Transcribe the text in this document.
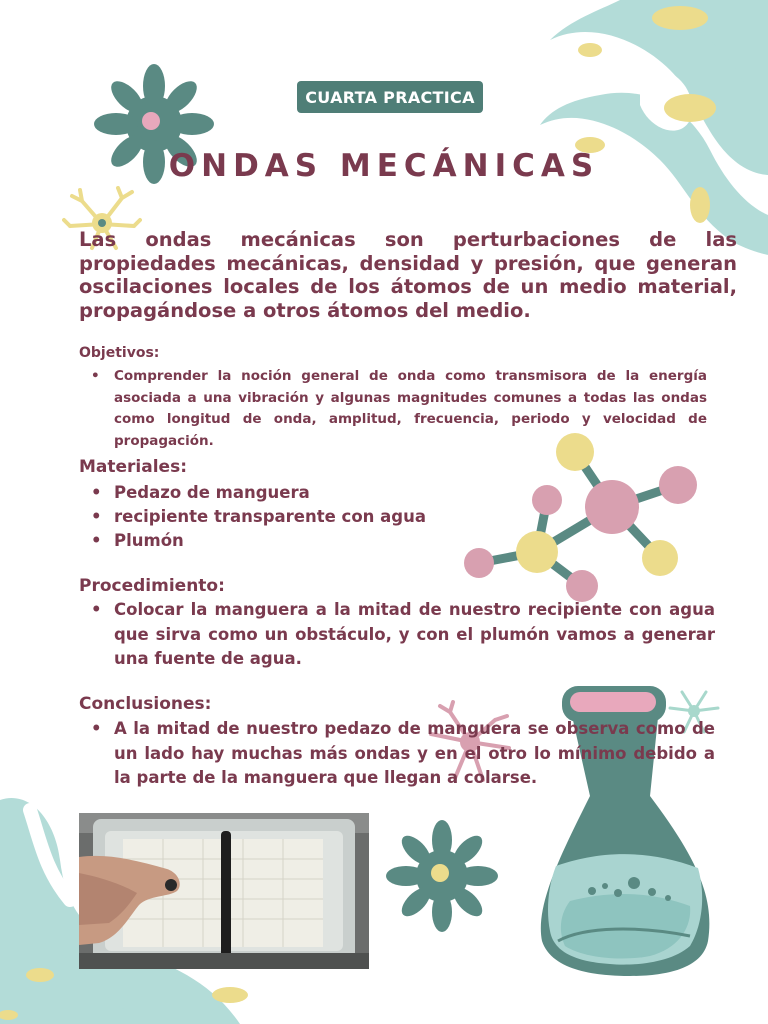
CUARTA PRACTICA
ONDAS MECÁNICAS

Las ondas mecánicas son perturbaciones de las propiedades mecánicas, densidad y presión, que generan oscilaciones locales de los átomos de un medio material, propagándose a otros átomos del medio.

Objetivos:

• Comprender la noción general de onda como transmisora de la energía asociada a una vibración y algunas magnitudes comunes a todas las ondas como longitud de onda, amplitud, frecuencia, periodo y velocidad de propagación.

Materiales:

• Pedazo de manguera
• recipiente transparente con agua
• Plumón

Procedimiento:

• Colocar la manguera a la mitad de nuestro recipiente con agua que sirva como un obstáculo, y con el plumón vamos a generar una fuente de agua.

Conclusiones:

• A la mitad de nuestro pedazo de manguera se observa como de un lado hay muchas más ondas y en el otro lo mínimo debido a la parte de la manguera que llegan a colarse.
